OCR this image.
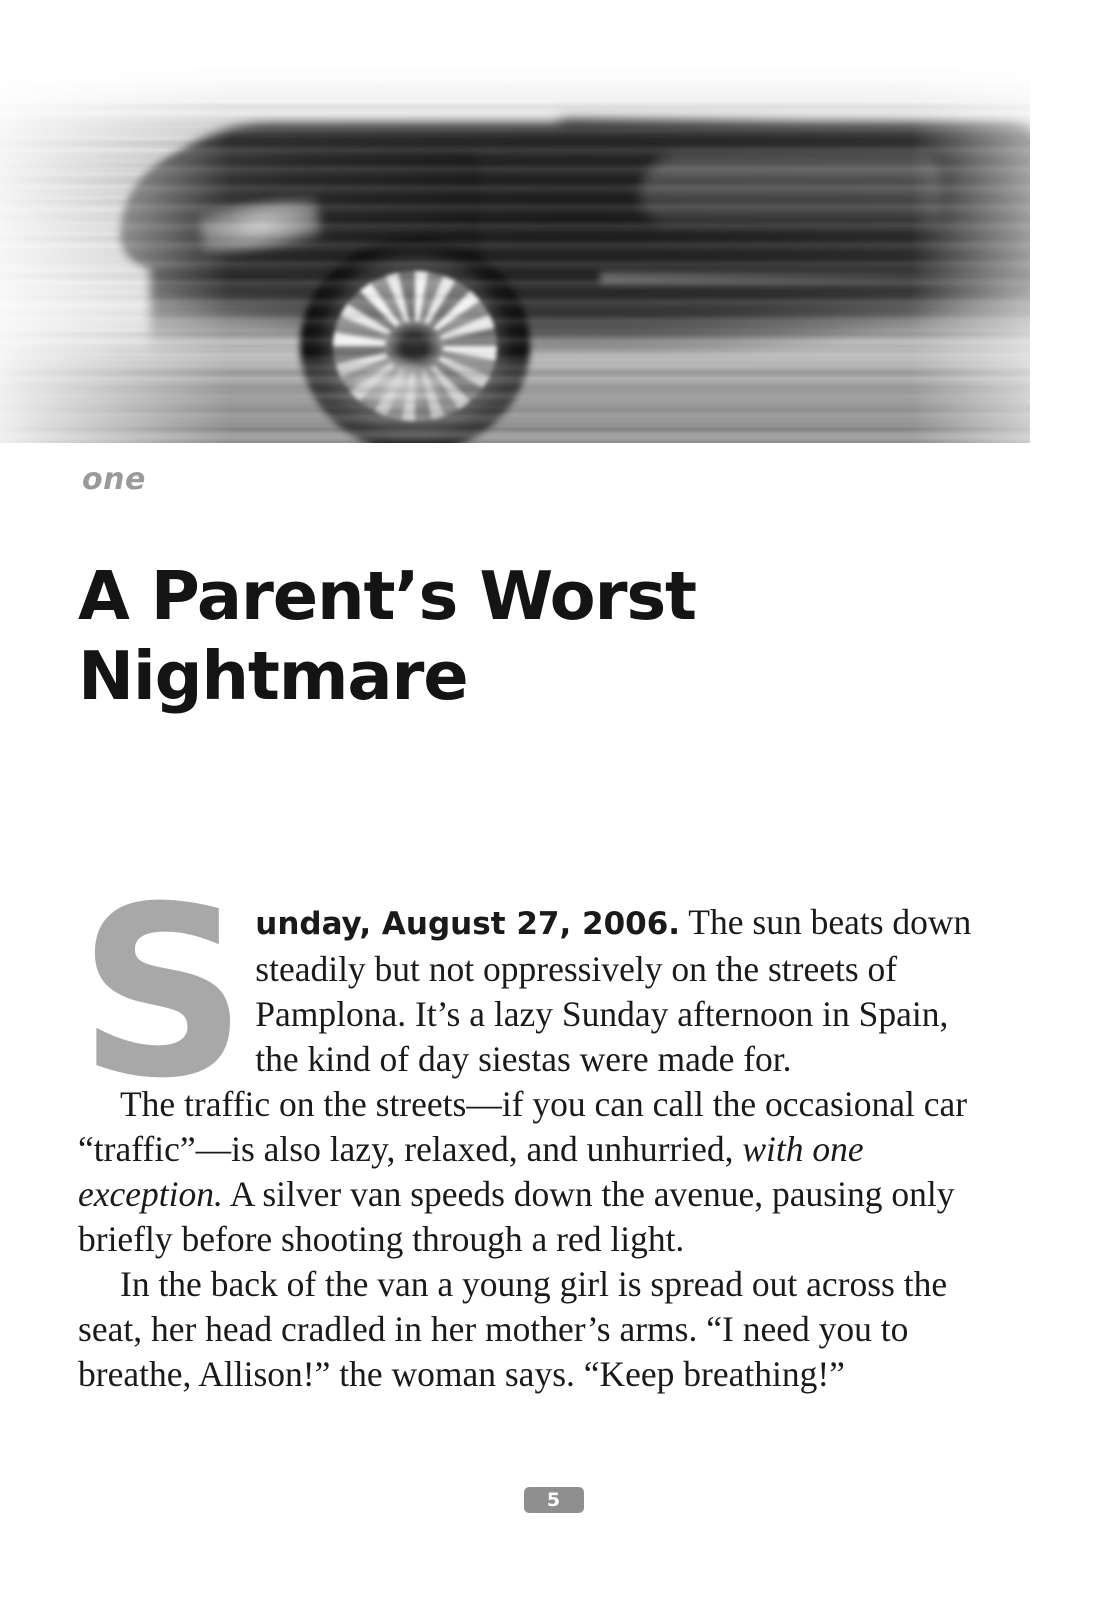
one
A Parent’s Worst Nightmare

Sunday, August 27, 2006. The sun beats down steadily but not oppressively on the streets of Pamplona. It’s a lazy Sunday afternoon in Spain, the kind of day siestas were made for.

The traffic on the streets—if you can call the occasional car “traffic”—is also lazy, relaxed, and unhurried, with one exception. A silver van speeds down the avenue, pausing only briefly before shooting through a red light.

In the back of the van a young girl is spread out across the seat, her head cradled in her mother’s arms. “I need you to breathe, Allison!” the woman says. “Keep breathing!”

5
